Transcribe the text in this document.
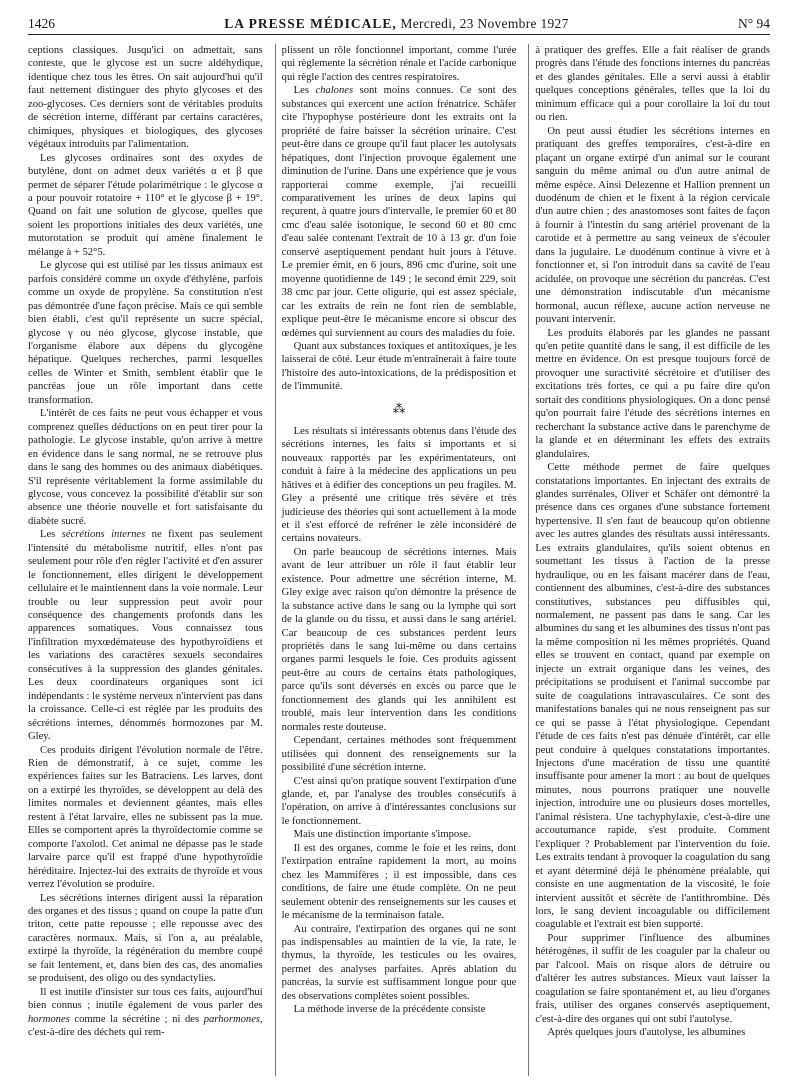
1426	LA PRESSE MÉDICALE, Mercredi, 23 Novembre 1927	N° 94

ceptions classiques. Jusqu'ici on admettait, sans conteste, que le glycose est un sucre aldéhydique, identique chez tous les êtres. On sait aujourd'hui qu'il faut nettement distinguer des phyto glycoses et des zoo-glycoses. Ces derniers sont de véritables produits de sécrétion interne, différant par certains caractères, chimiques, physiques et biologiques, des glycoses végétaux introduits par l'alimentation.

Les glycoses ordinaires sont des oxydes de butylène, dont on admet deux variétés α et β que permet de séparer l'étude polarimétrique : le glycose α a pour pouvoir rotatoire + 110° et le glycose β + 19°. Quand on fait une solution de glycose, quelles que soient les proportions initiales des deux variétés, une mutorotation se produit qui amène finalement le mélange à + 52°5.

Le glycose qui est utilisé par les tissus animaux est parfois considéré comme un oxyde d'éthylène, parfois comme un oxyde de propylène. Sa constitution n'est pas démontrée d'une façon précise. Mais ce qui semble bien établi, c'est qu'il représente un sucre spécial, glycose γ ou néo glycose, glycose instable, que l'organisme élabore aux dépens du glycogène hépatique. Quelques recherches, parmi lesquelles celles de Winter et Smith, semblent établir que le pancréas joue un rôle important dans cette transformation.

L'intérêt de ces faits ne peut vous échapper et vous comprenez quelles déductions on en peut tirer pour la pathologie. Le glycose instable, qu'on arrive à mettre en évidence dans le sang normal, ne se retrouve plus dans le sang des hommes ou des animaux diabétiques. S'il représente véritablement la forme assimilable du glycose, vous concevez la possibilité d'établir sur son absence une théorie nouvelle et fort satisfaisante du diabète sucré.

Les sécrétions internes ne fixent pas seulement l'intensité du métabolisme nutritif, elles n'ont pas seulement pour rôle d'en régler l'activité et d'en assurer le fonctionnement, elles dirigent le développement cellulaire et le maintiennent dans la voie normale. Leur trouble ou leur suppression peut avoir pour conséquence des changements profonds dans les apparences somatiques. Vous connaissez tous l'infiltration myxœdémateuse des hypothyroïdiens et les variations des caractères sexuels secondaires consécutives à la suppression des glandes génitales. Les deux coordinateurs organiques sont ici indépendants : le système nerveux n'intervient pas dans la croissance. Celle-ci est réglée par les produits des sécrétions internes, dénommés hormozones par M. Gley.

Ces produits dirigent l'évolution normale de l'être. Rien de démonstratif, à ce sujet, comme les expériences faites sur les Batraciens. Les larves, dont on a extirpé les thyroïdes, se développent au delà des limites normales et deviennent géantes, mais elles restent à l'état larvaire, elles ne subissent pas la mue. Elles se comportent après la thyroïdectomie comme se comporte l'axolotl. Cet animal ne dépasse pas le stade larvaire parce qu'il est frappé d'une hypothyroïdie héréditaire. Injectez-lui des extraits de thyroïde et vous verrez l'évolution se produire.

Les sécrétions internes dirigent aussi la réparation des organes et des tissus ; quand on coupe la patte d'un triton, cette patte repousse ; elle repousse avec des caractères normaux. Mais, si l'on a, au préalable, extirpé la thyroïde, la régénération du membre coupé se fait lentement, et, dans bien des cas, des anomalies se produisent, des oligo ou des syndactylies.

Il est inutile d'insister sur tous ces faits, aujourd'hui bien connus ; inutile également de vous parler des hormones comme la sécrétine ; ni des parhormones, c'est-à-dire des déchets qui rem-

plissent un rôle fonctionnel important, comme l'urée qui règlemente la sécrétion rénale et l'acide carbonique qui règle l'action des centres respiratoires.

Les chalones sont moins connues. Ce sont des substances qui exercent une action frénatrice. Schäfer cite l'hypophyse postérieure dont les extraits ont la propriété de faire baisser la sécrétion urinaire. C'est peut-être dans ce groupe qu'il faut placer les autolysats hépatiques, dont l'injection provoque également une diminution de l'urine. Dans une expérience que je vous rapporterai comme exemple, j'ai recueilli comparativement les urines de deux lapins qui reçurent, à quatre jours d'intervalle, le premier 60 et 80 cmc d'eau salée isotonique, le second 60 et 80 cmc d'eau salée contenant l'extrait de 10 à 13 gr. d'un foie conservé aseptiquement pendant huit jours à l'étuve. Le premier émit, en 6 jours, 896 cmc d'urine, soit une moyenne quotidienne de 149 ; le second émit 229, soit 38 cmc par jour. Cette oligurie, qui est assez spéciale, car les extraits de rein ne font rien de semblable, explique peut-être le mécanisme encore si obscur des œdèmes qui surviennent au cours des maladies du foie.

Quant aux substances toxiques et antitoxiques, je les laisserai de côté. Leur étude m'entraînerait à faire toute l'histoire des auto-intoxications, de la prédisposition et de l'immunité.

⁂

Les résultats si intéressants obtenus dans l'étude des sécrétions internes, les faits si importants et si nouveaux rapportés par les expérimentateurs, ont conduit à faire à la médecine des applications un peu hâtives et à édifier des conceptions un peu fragiles. M. Gley a présenté une critique très sévère et très judicieuse des théories qui sont actuellement à la mode et il s'est efforcé de refréner le zèle inconsidéré de certains novateurs.

On parle beaucoup de sécrétions internes. Mais avant de leur attribuer un rôle il faut établir leur existence. Pour admettre une sécrétion interne, M. Gley exige avec raison qu'on démontre la présence de la substance active dans le sang ou la lymphe qui sort de la glande ou du tissu, et aussi dans le sang artériel. Car beaucoup de ces substances perdent leurs propriétés dans le sang lui-même ou dans certains organes parmi lesquels le foie. Ces produits agissent peut-être au cours de certains états pathologiques, parce qu'ils sont déversés en excès ou parce que le fonctionnement des glands qui les annihilent est troublé, mais leur intervention dans les conditions normales reste douteuse.

Cependant, certaines méthodes sont fréquemment utilisées qui donnent des renseignements sur la possibilité d'une sécrétion interne.

C'est ainsi qu'on pratique souvent l'extirpation d'une glande, et, par l'analyse des troubles consécutifs à l'opération, on arrive à d'intéressantes conclusions sur le fonctionnement.

Mais une distinction importante s'impose.

Il est des organes, comme le foie et les reins, dont l'extirpation entraîne rapidement la mort, au moins chez les Mammifères ; il est impossible, dans ces conditions, de faire une étude complète. On ne peut seulement obtenir des renseignements sur les causes et le mécanisme de la terminaison fatale.

Au contraire, l'extirpation des organes qui ne sont pas indispensables au maintien de la vie, la rate, le thymus, la thyroïde, les testicules ou les ovaires, permet des analyses parfaites. Après ablation du pancréas, la survie est suffisamment longue pour que des observations complètes soient possibles.

La méthode inverse de la précédente consiste

à pratiquer des greffes. Elle a fait réaliser de grands progrès dans l'étude des fonctions internes du pancréas et des glandes génitales. Elle a servi aussi à établir quelques conceptions générales, telles que la loi du minimum efficace qui a pour corollaire la loi du tout ou rien.

On peut aussi étudier les sécrétions internes en pratiquant des greffes temporaires, c'est-à-dire en plaçant un organe extirpé d'un animal sur le courant sanguin du même animal ou d'un autre animal de même espèce. Ainsi Delezenne et Hallion prennent un duodénum de chien et le fixent à la région cervicale d'un autre chien ; des anastomoses sont faites de façon à fournir à l'intestin du sang artériel provenant de la carotide et à permettre au sang veineux de s'écouler dans la jugulaire. Le duodénum continue à vivre et à fonctionner et, si l'on introduit dans sa cavité de l'eau acidulée, on provoque une sécrétion du pancréas. C'est une démonstration indiscutable d'un mécanisme hormonal, aucun réflexe, aucune action nerveuse ne pouvant intervenir.

Les produits élaborés par les glandes ne passant qu'en petite quantité dans le sang, il est difficile de les mettre en évidence. On est presque toujours forcé de provoquer une suractivité sécrétoire et d'utiliser des excitations très fortes, ce qui a pu faire dire qu'on sortait des conditions physiologiques. On a donc pensé qu'on pourrait faire l'étude des sécrétions internes en recherchant la substance active dans le parenchyme de la glande et en déterminant les effets des extraits glandulaires.

Cette méthode permet de faire quelques constatations importantes. En injectant des extraits de glandes surrénales, Oliver et Schäfer ont démontré la présence dans ces organes d'une substance fortement hypertensive. Il s'en faut de beaucoup qu'on obtienne avec les autres glandes des résultats aussi intéressants. Les extraits glandulaires, qu'ils soient obtenus en soumettant les tissus à l'action de la presse hydraulique, ou en les faisant macérer dans de l'eau, contiennent des albumines, c'est-à-dire des substances constitutives, substances peu diffusibles qui, normalement, ne passent pas dans le sang. Car les albumines du sang et les albumines des tissus n'ont pas la même composition ni les mêmes propriétés. Quand elles se trouvent en contact, quand par exemple on injecte un extrait organique dans les veines, des précipitations se produisent et l'animal succombe par suite de coagulations intravasculaires. Ce sont des manifestations banales qui ne nous renseignent pas sur ce qui se passe à l'état physiologique. Cependant l'étude de ces faits n'est pas dénuée d'intérêt, car elle peut conduire à quelques constatations importantes. Injectons d'une macération de tissu une quantité insuffisante pour amener la mort : au bout de quelques minutes, nous pourrons pratiquer une nouvelle injection, introduire une ou plusieurs doses mortelles, l'animal résistera. Une tachyphylaxie, c'est-à-dire une accoutumance rapide, s'est produite. Comment l'expliquer ? Probablement par l'intervention du foie. Les extraits tendant à provoquer la coagulation du sang et ayant déterminé déjà le phénomène préalable, qui consiste en une augmentation de la viscosité, le foie intervient aussitôt et sécrète de l'antithrombine. Dès lors, le sang devient incoagulable ou difficilement coagulable et l'extrait est bien supporté.

Pour supprimer l'influence des albumines hétérogènes, il suffit de les coaguler par la chaleur ou par l'alcool. Mais on risque alors de détruire ou d'altérer les autres substances. Mieux vaut laisser la coagulation se faire spontanément et, au lieu d'organes frais, utiliser des organes conservés aseptiquement, c'est-à-dire des organes qui ont subi l'autolyse.

Après quelques jours d'autolyse, les albumines
